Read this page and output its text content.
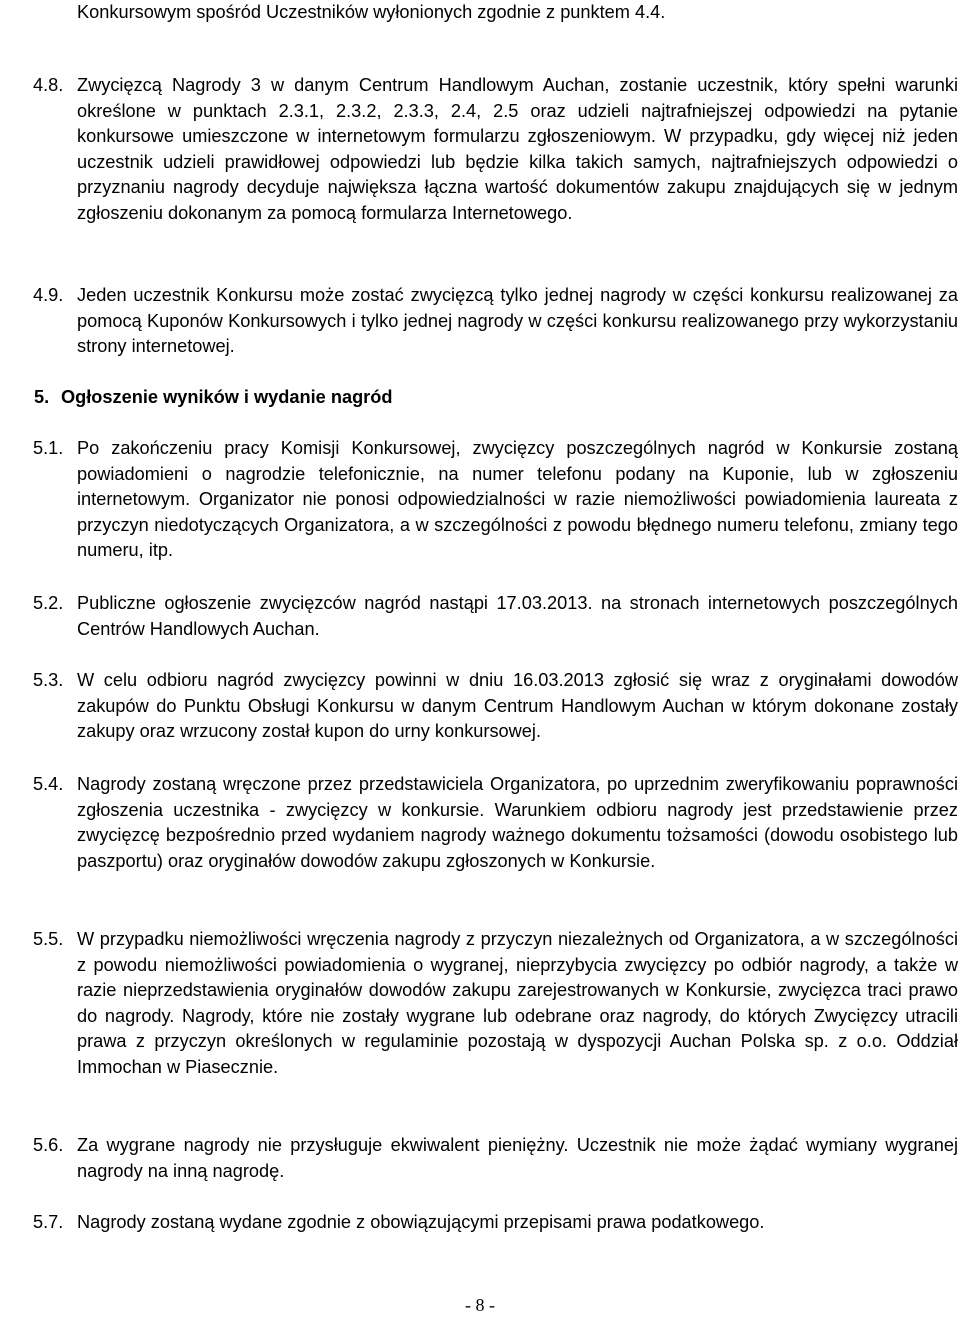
Konkursowym spośród Uczestników wyłonionych zgodnie z punktem 4.4.

4.8. Zwycięzcą Nagrody 3 w danym Centrum Handlowym Auchan, zostanie uczestnik, który spełni warunki określone w punktach 2.3.1, 2.3.2, 2.3.3, 2.4, 2.5 oraz udzieli najtrafniejszej odpowiedzi na pytanie konkursowe umieszczone w internetowym formularzu zgłoszeniowym. W przypadku, gdy więcej niż jeden uczestnik udzieli prawidłowej odpowiedzi lub będzie kilka takich samych, najtrafniejszych odpowiedzi o przyznaniu nagrody decyduje największa łączna wartość dokumentów zakupu znajdujących się w jednym zgłoszeniu dokonanym za pomocą formularza Internetowego.

4.9. Jeden uczestnik Konkursu może zostać zwycięzcą tylko jednej nagrody w części konkursu realizowanej za pomocą Kuponów Konkursowych i tylko jednej nagrody w części konkursu realizowanego przy wykorzystaniu strony internetowej.

5. Ogłoszenie wyników i wydanie nagród

5.1. Po zakończeniu pracy Komisji Konkursowej, zwycięzcy poszczególnych nagród w Konkursie zostaną powiadomieni o nagrodzie telefonicznie, na numer telefonu podany na Kuponie, lub w zgłoszeniu internetowym. Organizator nie ponosi odpowiedzialności w razie niemożliwości powiadomienia laureata z przyczyn niedotyczących Organizatora, a w szczególności z powodu błędnego numeru telefonu, zmiany tego numeru, itp.

5.2. Publiczne ogłoszenie zwycięzców nagród nastąpi 17.03.2013. na stronach internetowych poszczególnych Centrów Handlowych Auchan.

5.3. W celu odbioru nagród zwycięzcy powinni w dniu 16.03.2013 zgłosić się wraz z oryginałami dowodów zakupów do Punktu Obsługi Konkursu w danym Centrum Handlowym Auchan w którym dokonane zostały zakupy oraz wrzucony został kupon do urny konkursowej.

5.4. Nagrody zostaną wręczone przez przedstawiciela Organizatora, po uprzednim zweryfikowaniu poprawności zgłoszenia uczestnika - zwycięzcy w konkursie. Warunkiem odbioru nagrody jest przedstawienie przez zwycięzcę bezpośrednio przed wydaniem nagrody ważnego dokumentu tożsamości (dowodu osobistego lub paszportu) oraz oryginałów dowodów zakupu zgłoszonych w Konkursie.

5.5. W przypadku niemożliwości wręczenia nagrody z przyczyn niezależnych od Organizatora, a w szczególności z powodu niemożliwości powiadomienia o wygranej, nieprzybycia zwycięzcy po odbiór nagrody, a także w razie nieprzedstawienia oryginałów dowodów zakupu zarejestrowanych w Konkursie, zwycięzca traci prawo do nagrody. Nagrody, które nie zostały wygrane lub odebrane oraz nagrody, do których Zwycięzcy utracili prawa z przyczyn określonych w regulaminie pozostają w dyspozycji Auchan Polska sp. z o.o. Oddział Immochan w Piasecznie.

5.6. Za wygrane nagrody nie przysługuje ekwiwalent pieniężny. Uczestnik nie może żądać wymiany wygranej nagrody na inną nagrodę.

5.7. Nagrody zostaną wydane zgodnie z obowiązującymi przepisami prawa podatkowego.

- 8 -
